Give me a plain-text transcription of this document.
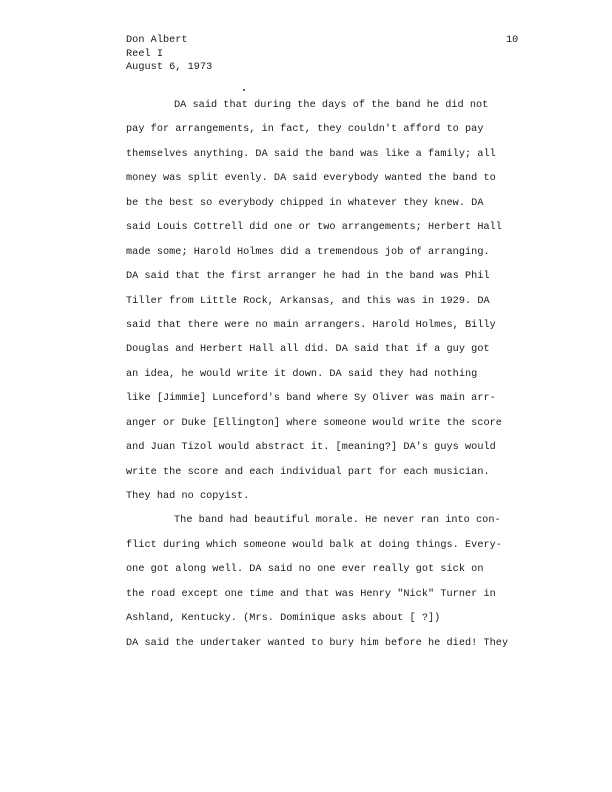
Don Albert
Reel I
August 6, 1973
10
DA said that during the days of the band he did not
pay for arrangements, in fact, they couldn't afford to pay
themselves anything. DA said the band was like a family; all
money was split evenly. DA said everybody wanted the band to
be the best so everybody chipped in whatever they knew. DA
said Louis Cottrell did one or two arrangements; Herbert Hall
made some; Harold Holmes did a tremendous job of arranging.
DA said that the first arranger he had in the band was Phil
Tiller from Little Rock, Arkansas, and this was in 1929. DA
said that there were no main arrangers. Harold Holmes, Billy
Douglas and Herbert Hall all did. DA said that if a guy got
an idea, he would write it down. DA said they had nothing
like [Jimmie] Lunceford's band where Sy Oliver was main arr-
anger or Duke [Ellington] where someone would write the score
and Juan Tizol would abstract it. [meaning?] DA's guys would
write the score and each individual part for each musician.
They had no copyist.
The band had beautiful morale. He never ran into con-
flict during which someone would balk at doing things. Every-
one got along well. DA said no one ever really got sick on
the road except one time and that was Henry "Nick" Turner in
Ashland, Kentucky. (Mrs. Dominique asks about [ ?])
DA said the undertaker wanted to bury him before he died! They
